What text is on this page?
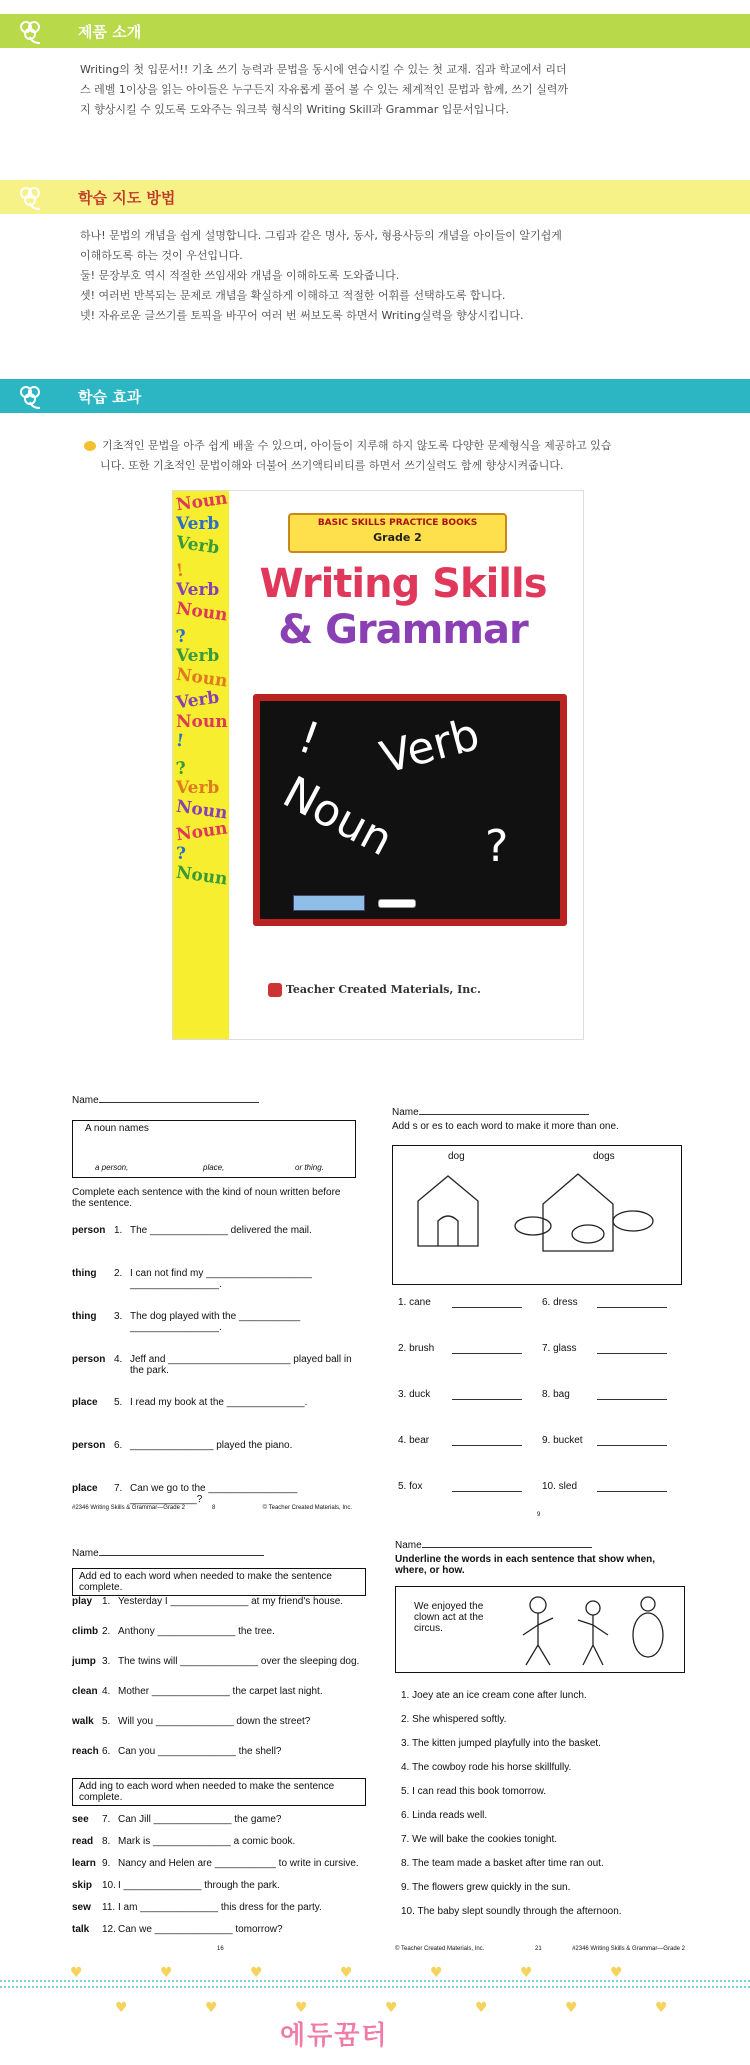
제품 소개
Writing의 첫 입문서!! 기초 쓰기 능력과 문법을 동시에 연습시킬 수 있는 첫 교재. 집과 학교에서 리더
스 레벨 1이상을 읽는 아이들은 누구든지 자유롭게 풀어 볼 수 있는 체계적인 문법과 함께, 쓰기 실력까
지 향상시킬 수 있도록 도와주는 워크북 형식의 Writing Skill과 Grammar 입문서입니다.
학습 지도 방법
하나! 문법의 개념을 쉽게 설명합니다. 그림과 같은 명사, 동사, 형용사등의 개념을 아이들이 알기쉽게
이해하도록 하는 것이 우선입니다.
둘! 문장부호 역시 적절한 쓰임새와 개념을 이해하도록 도와줍니다.
셋! 여러번 반복되는 문제로 개념을 확실하게 이해하고 적절한 어휘를 선택하도록 합니다.
넷! 자유로운 글쓰기를 토픽을 바꾸어 여러 번 써보도록 하면서 Writing실력을 향상시킵니다.
학습 효과
기초적인 문법을 아주 쉽게 배울 수 있으며, 아이들이 지루해 하지 않도록 다양한 문제형식을 제공하고 있습
니다. 또한 기초적인 문법이해와 더불어 쓰기액티비티를 하면서 쓰기실력도 함께 향상시켜줍니다.
Noun
Verb
Verb
!
Verb
Noun
?
Verb
Noun
Verb
Noun
!
?
Verb
Noun
Noun
?
Noun
BASIC SKILLS PRACTICE BOOKS
Grade 2
Writing Skills
& Grammar
! Verb
Noun ?
Teacher Created Materials, Inc.
Name
A noun names
a person,	place,	or thing.
Complete each sentence with the kind of noun written before the sentence.
#2346 Writing Skills & Grammar—Grade 2	8	© Teacher Created Materials, Inc.
person 1. The ______________ delivered the mail.
thing 2. I can not find my ___________________ ________________.
thing 3. The dog played with the ___________ ________________.
person 4. Jeff and ______________________ played ball in the park.
place 5. I read my book at the ______________.
person 6. _______________ played the piano.
place 7. Can we go to the ________________ ____________?
Name
Add s or es to each word to make it more than one.
dog	dogs
9
1. cane
2. brush
3. duck
4. bear
5. fox
6. dress
7. glass
8. bag
9. bucket
10. sled
Name
Add ed to each word when needed to make the sentence complete.
Add ing to each word when needed to make the sentence complete.
16
play 1. Yesterday I ______________ at my friend's house.
climb 2. Anthony ______________ the tree.
jump 3. The twins will ______________ over the sleeping dog.
clean 4. Mother ______________ the carpet last night.
walk 5. Will you ______________ down the street?
reach 6. Can you ______________ the shell?
see 7. Can Jill ______________ the game?
read 8. Mark is ______________ a comic book.
learn 9. Nancy and Helen are ___________ to write in cursive.
skip 10. I ______________ through the park.
sew 11. I am ______________ this dress for the party.
talk 12. Can we ______________ tomorrow?
Name
Underline the words in each sentence that show when, where, or how.
We enjoyed the clown act at the circus.
© Teacher Created Materials, Inc.	21	#2346 Writing Skills & Grammar—Grade 2
1. Joey ate an ice cream cone after lunch.
2. She whispered softly.
3. The kitten jumped playfully into the basket.
4. The cowboy rode his horse skillfully.
5. I can read this book tomorrow.
6. Linda reads well.
7. We will bake the cookies tonight.
8. The team made a basket after time ran out.
9. The flowers grew quickly in the sun.
10. The baby slept soundly through the afternoon.
♥
♥
♥
♥
♥
♥
♥
♥
♥
♥
♥
♥
♥
♥
에듀꿈터
